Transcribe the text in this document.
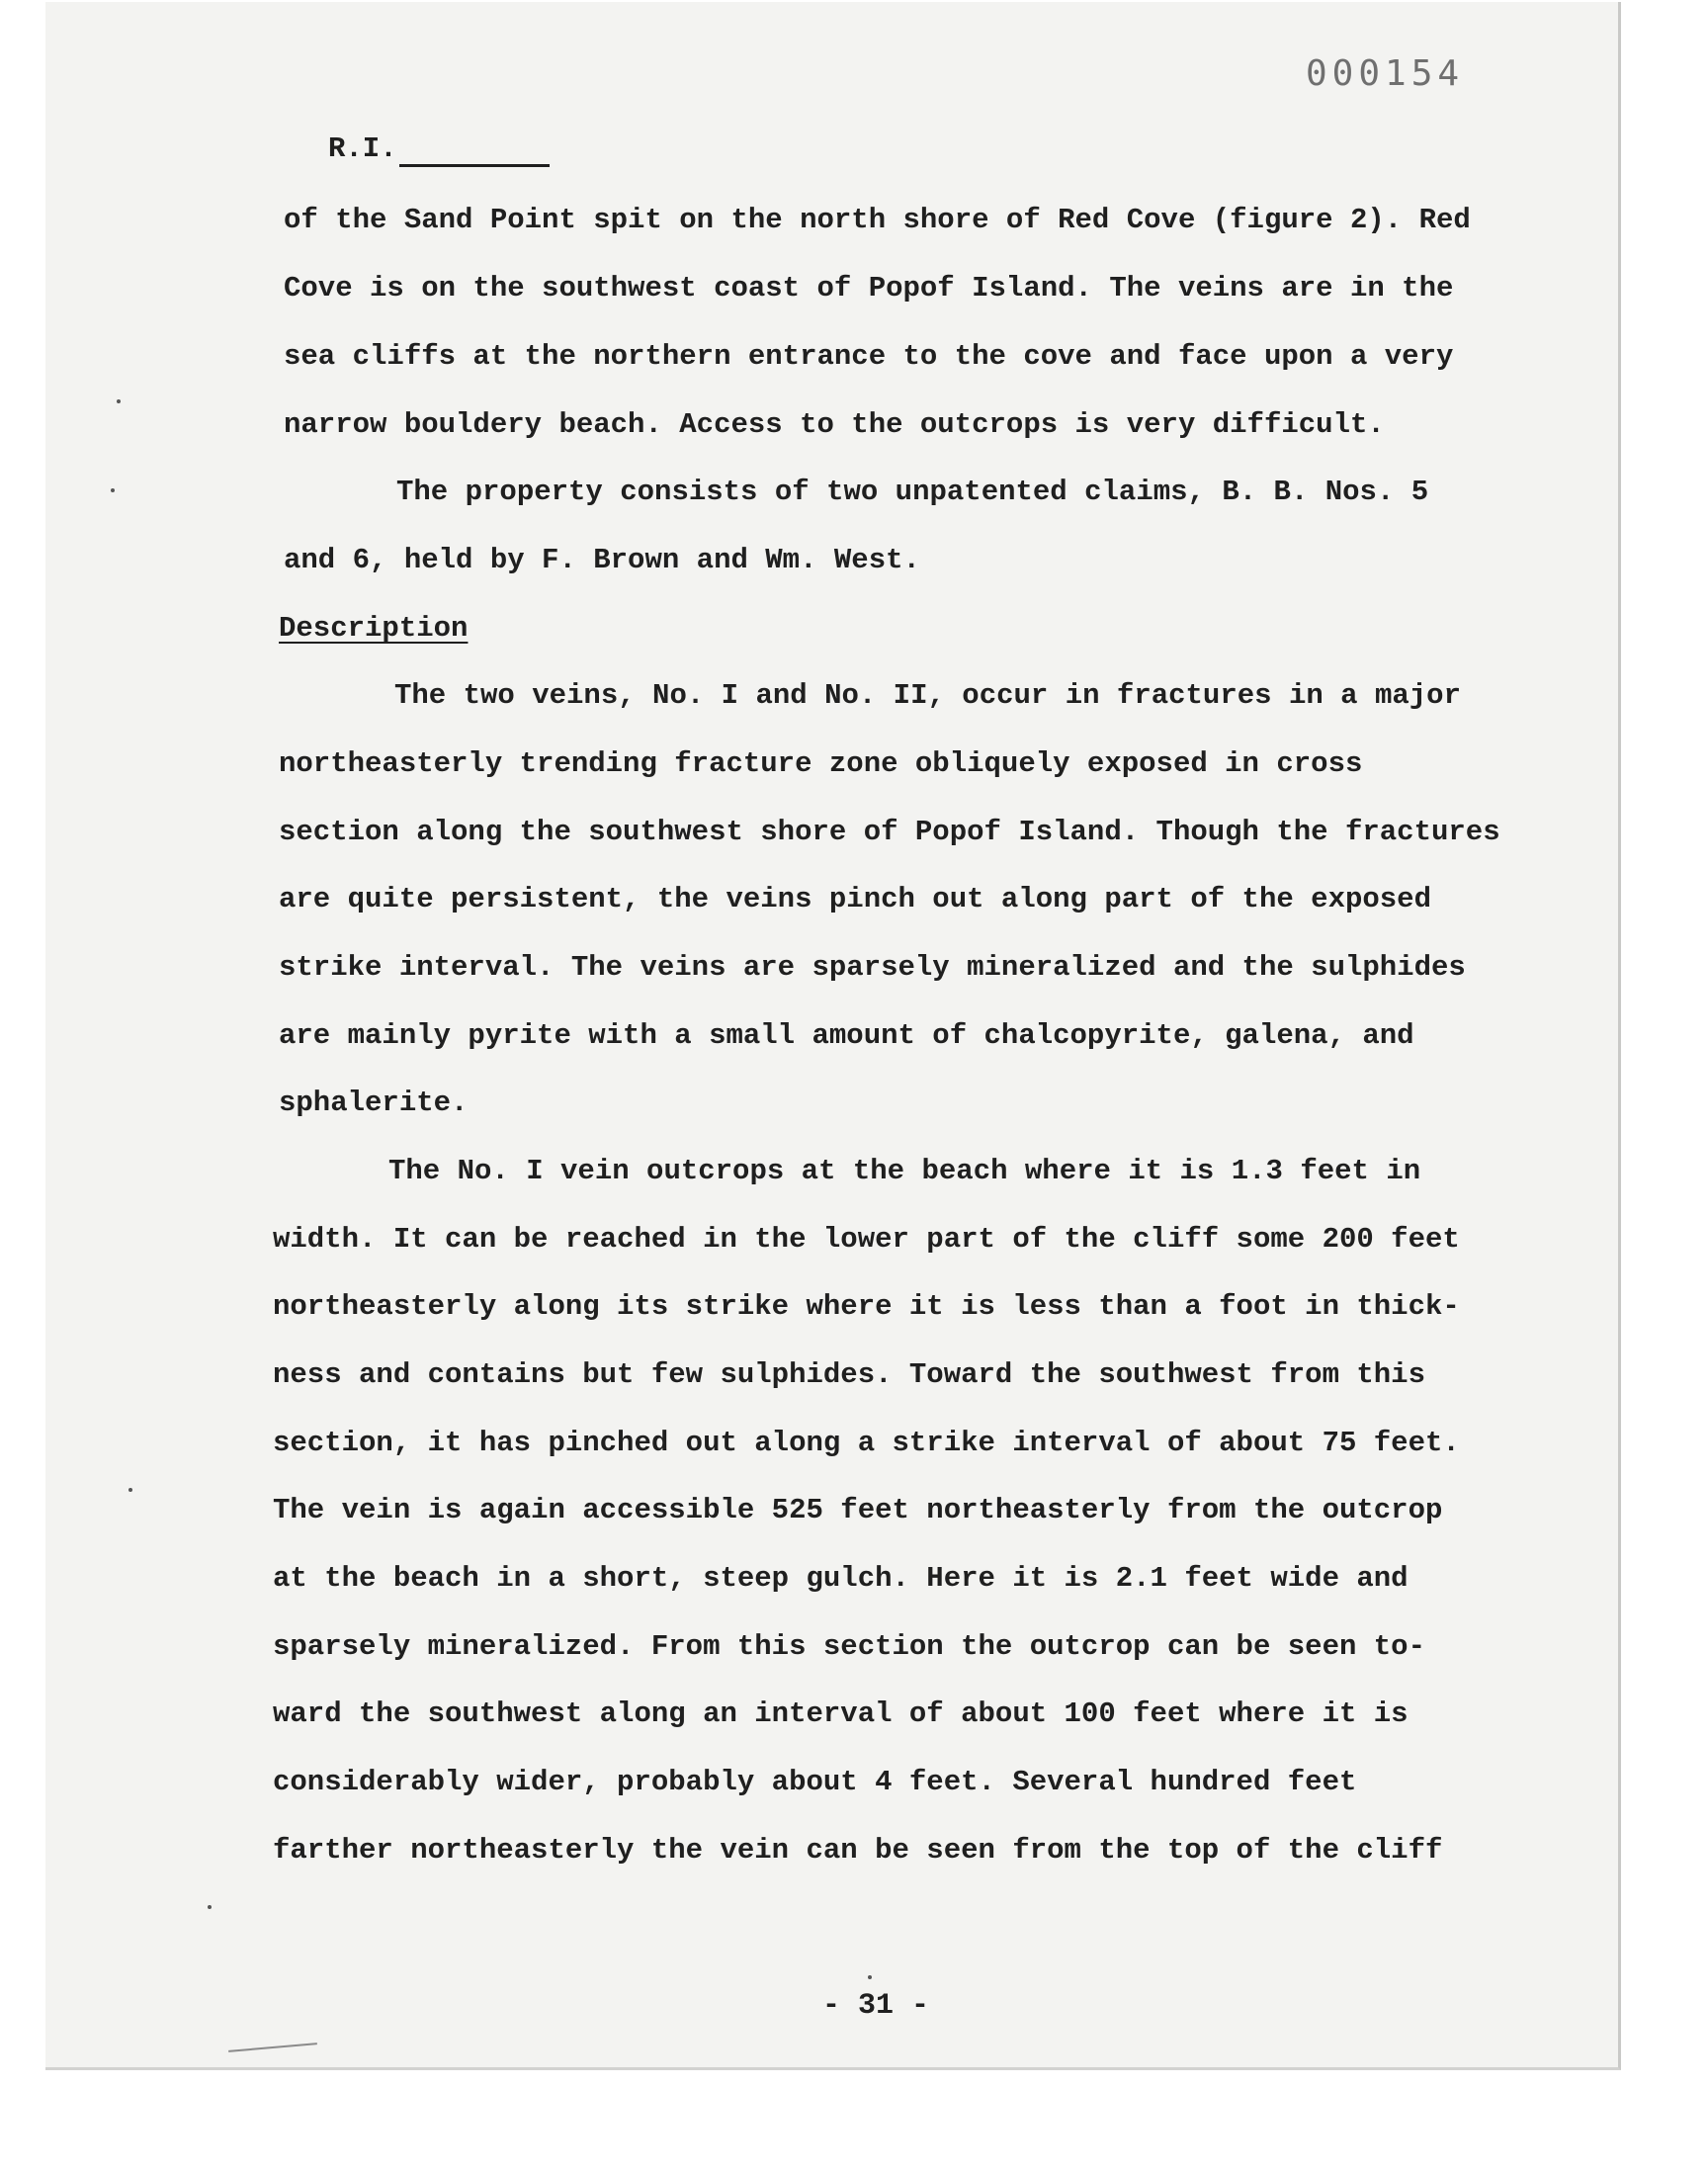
000154
R.I.
of the Sand Point spit on the north shore of Red Cove (figure 2). Red
Cove is on the southwest coast of Popof Island. The veins are in the
sea cliffs at the northern entrance to the cove and face upon a very
narrow bouldery beach. Access to the outcrops is very difficult.
The property consists of two unpatented claims, B. B. Nos. 5
and 6, held by F. Brown and Wm. West.
Description
The two veins, No. I and No. II, occur in fractures in a major
northeasterly trending fracture zone obliquely exposed in cross
section along the southwest shore of Popof Island. Though the fractures
are quite persistent, the veins pinch out along part of the exposed
strike interval. The veins are sparsely mineralized and the sulphides
are mainly pyrite with a small amount of chalcopyrite, galena, and
sphalerite.
The No. I vein outcrops at the beach where it is 1.3 feet in
width. It can be reached in the lower part of the cliff some 200 feet
northeasterly along its strike where it is less than a foot in thick-
ness and contains but few sulphides. Toward the southwest from this
section, it has pinched out along a strike interval of about 75 feet.
The vein is again accessible 525 feet northeasterly from the outcrop
at the beach in a short, steep gulch. Here it is 2.1 feet wide and
sparsely mineralized. From this section the outcrop can be seen to-
ward the southwest along an interval of about 100 feet where it is
considerably wider, probably about 4 feet. Several hundred feet
farther northeasterly the vein can be seen from the top of the cliff
- 31 -
